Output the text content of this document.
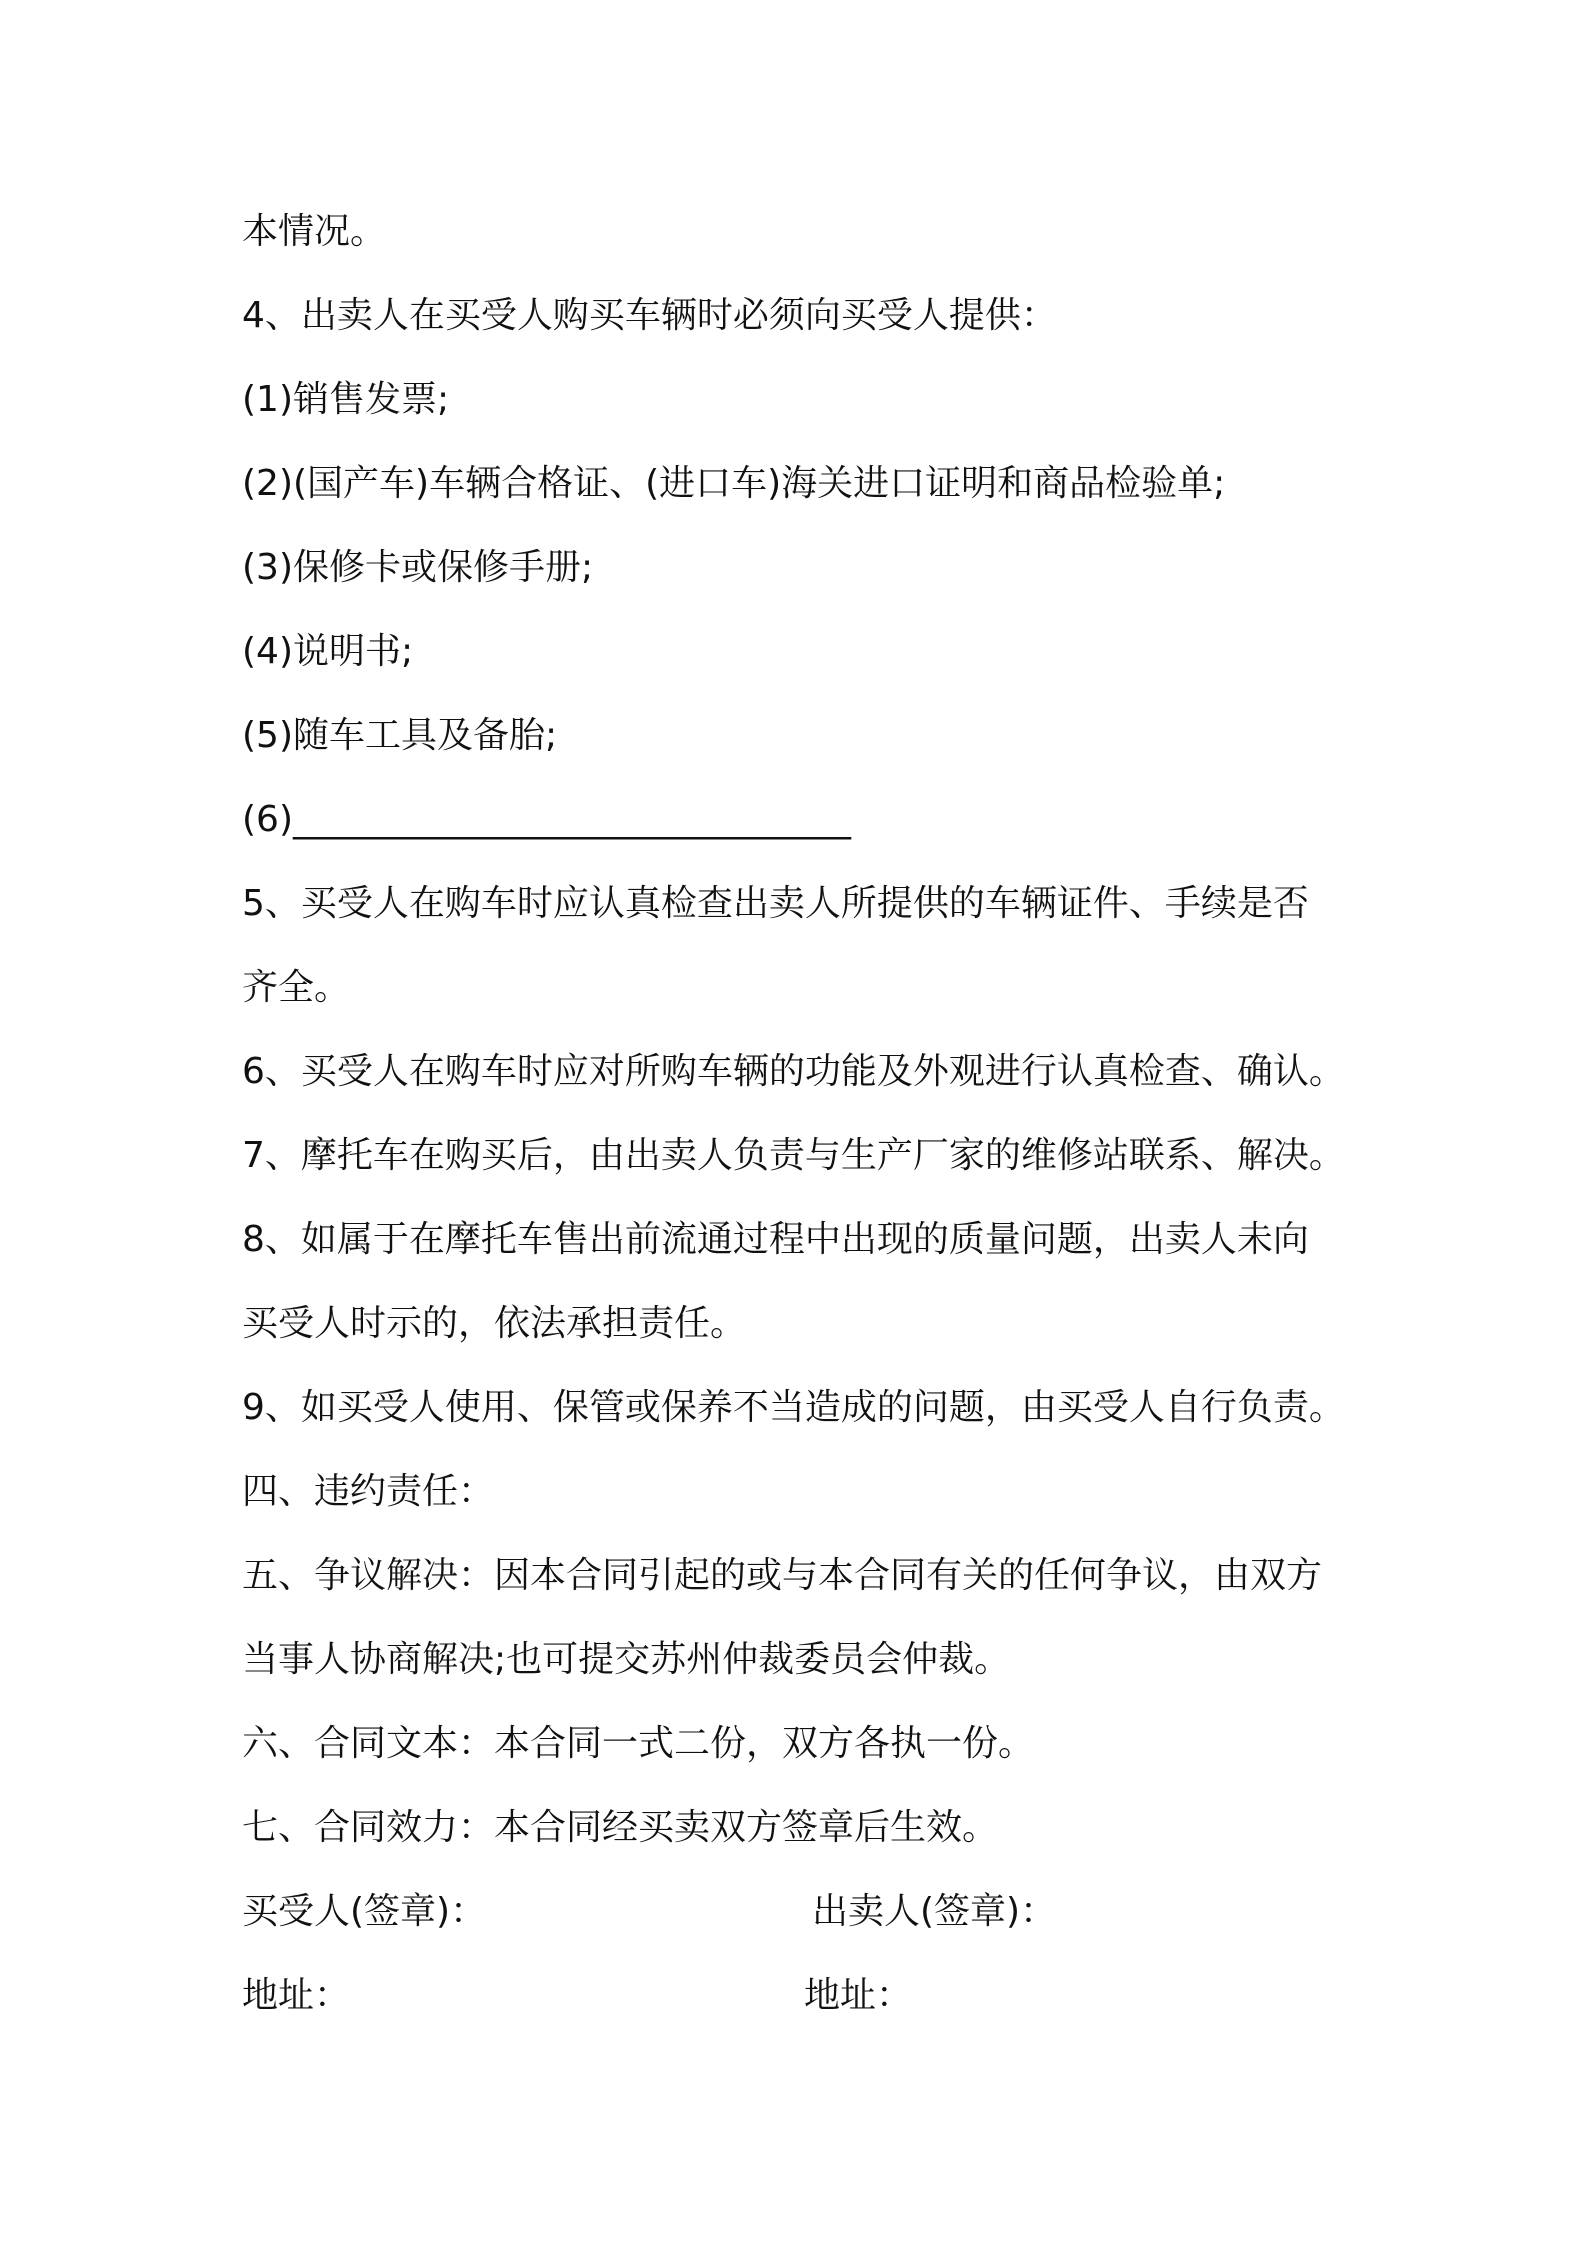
本情况。
4、出卖人在买受人购买车辆时必须向买受人提供：
(1)销售发票;
(2)(国产车)车辆合格证、(进口车)海关进口证明和商品检验单;
(3)保修卡或保修手册;
(4)说明书;
(5)随车工具及备胎;
(6)_______________________________
5、买受人在购车时应认真检查出卖人所提供的车辆证件、手续是否
齐全。
6、买受人在购车时应对所购车辆的功能及外观进行认真检查、确认。
7、摩托车在购买后，由出卖人负责与生产厂家的维修站联系、解决。
8、如属于在摩托车售出前流通过程中出现的质量问题，出卖人未向
买受人时示的，依法承担责任。
9、如买受人使用、保管或保养不当造成的问题，由买受人自行负责。
四、违约责任：
五、争议解决：因本合同引起的或与本合同有关的任何争议，由双方
当事人协商解决;也可提交苏州仲裁委员会仲裁。
六、合同文本：本合同一式二份，双方各执一份。
七、合同效力：本合同经买卖双方签章后生效。
买受人(签章)：	出卖人(签章)：
地址：	地址：
